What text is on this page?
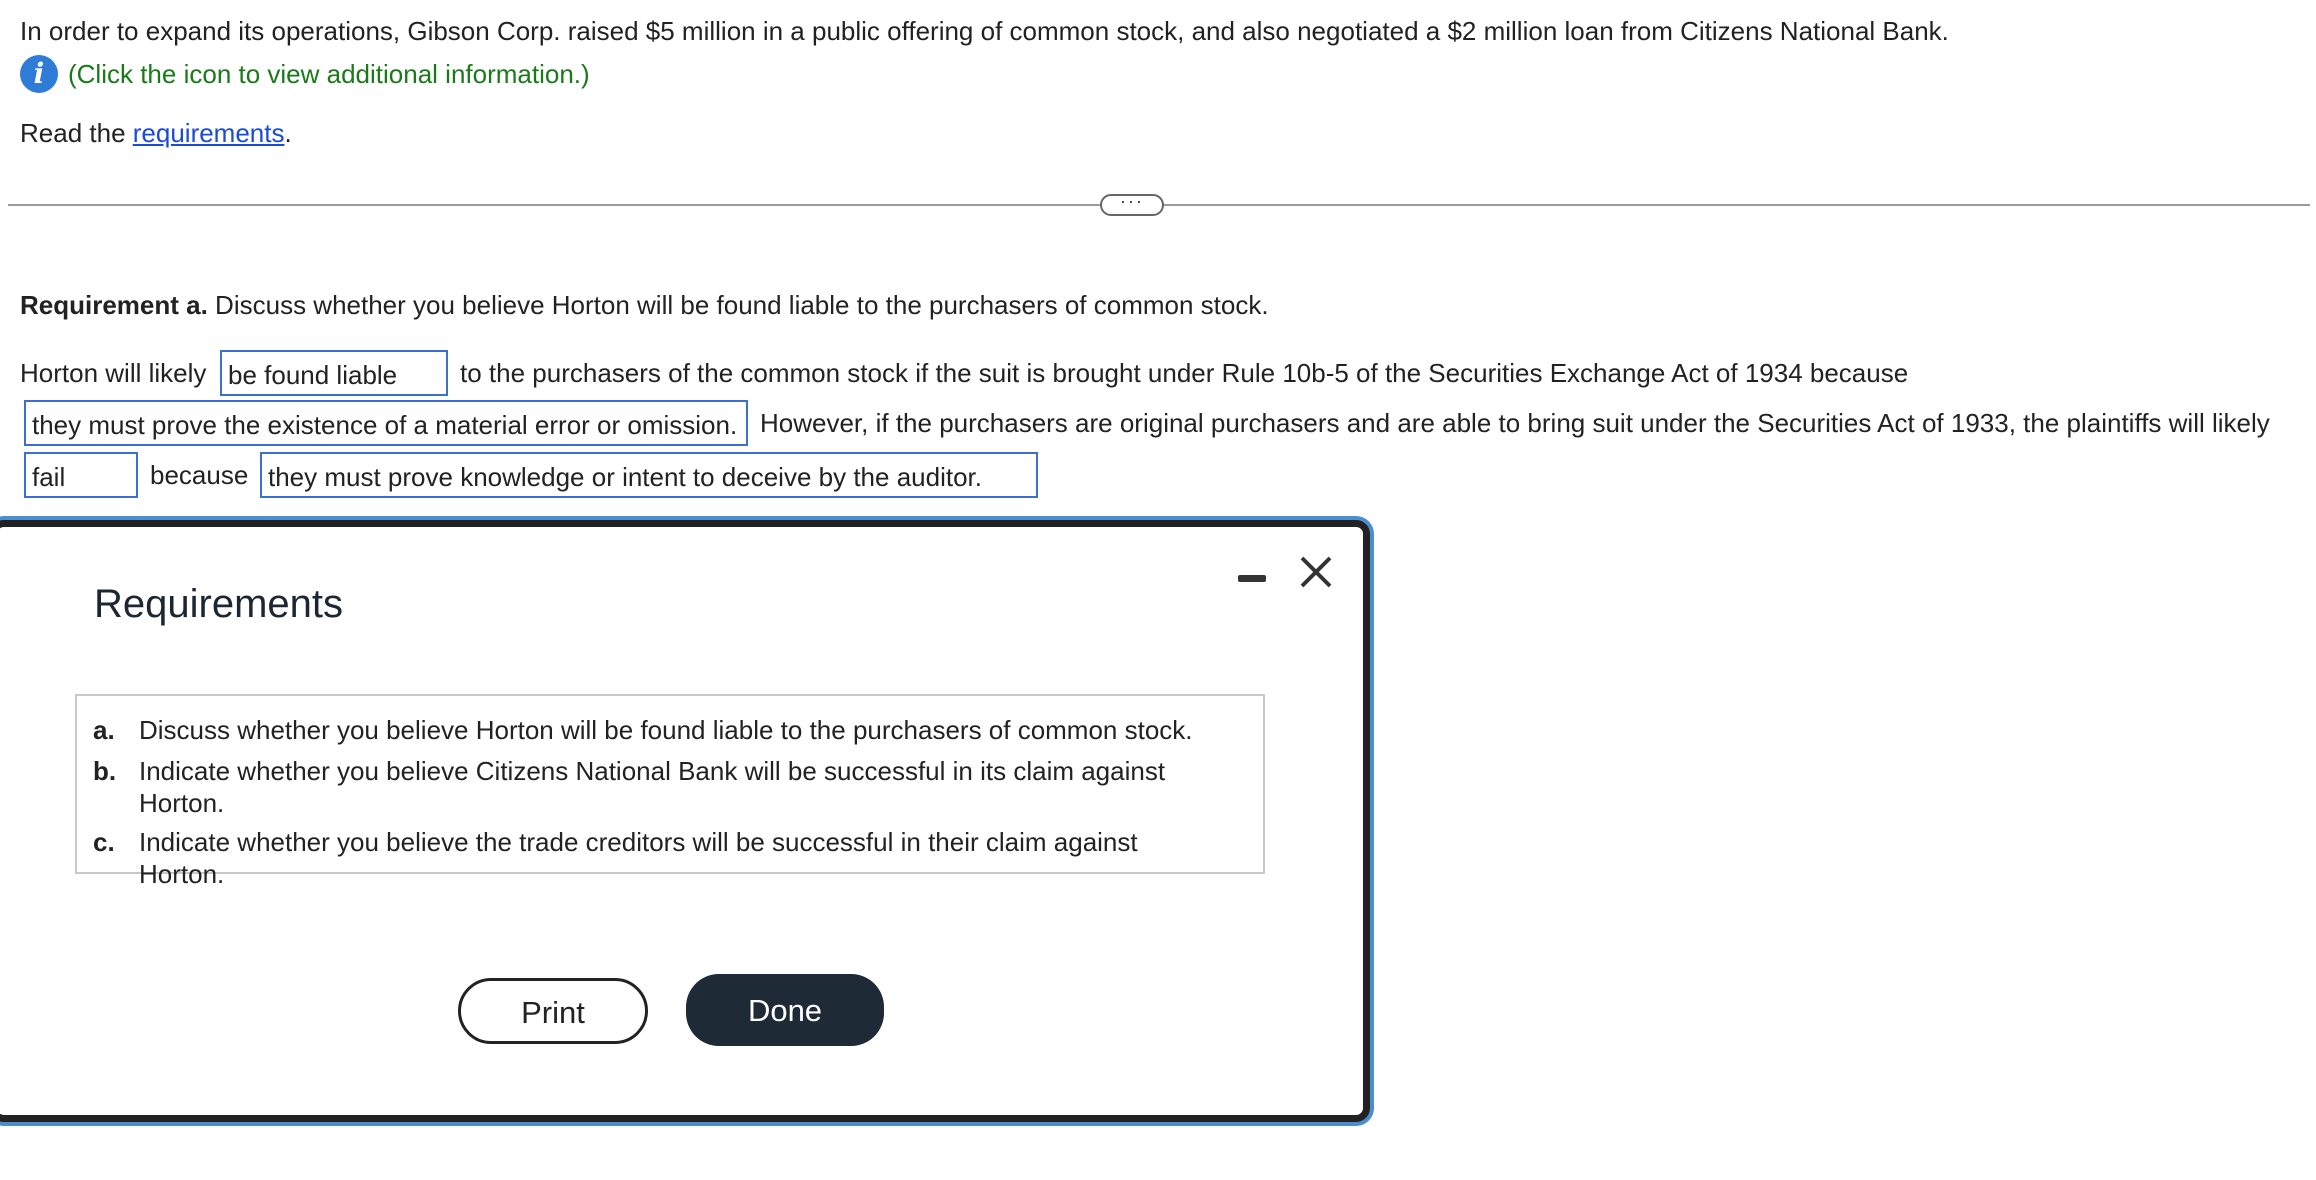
In order to expand its operations, Gibson Corp. raised $5 million in a public offering of common stock, and also negotiated a $2 million loan from Citizens National Bank.
i (Click the icon to view additional information.)
Read the requirements.
···
Requirement a. Discuss whether you believe Horton will be found liable to the purchasers of common stock.
Horton will likely be found liable	to the purchasers of the common stock if the suit is brought under Rule 10b-5 of the Securities Exchange Act of 1934 because
they must prove the existence of a material error or omission. However, if the purchasers are original purchasers and are able to bring suit under the Securities Act of 1933, the plaintiffs will likely
fail	because they must prove knowledge or intent to deceive by the auditor.
Requirements
a. Discuss whether you believe Horton will be found liable to the purchasers of common stock.
b. Indicate whether you believe Citizens National Bank will be successful in its claim against Horton.
c. Indicate whether you believe the trade creditors will be successful in their claim against Horton.
Print	Done
